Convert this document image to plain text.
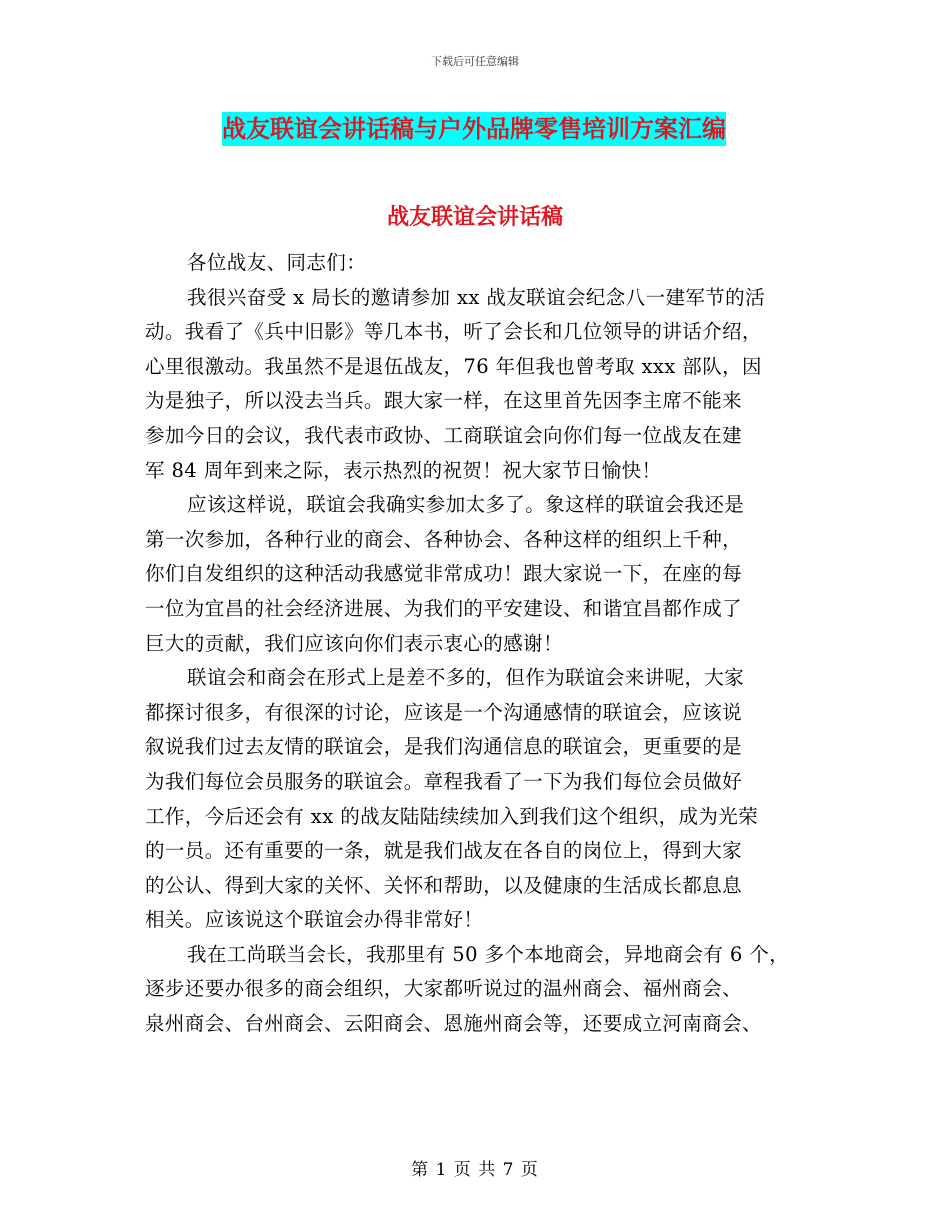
下载后可任意编辑
战友联谊会讲话稿与户外品牌零售培训方案汇编
战友联谊会讲话稿

各位战友、同志们：

我很兴奋受 x 局长的邀请参加 xx 战友联谊会纪念八一建军节的活
动。我看了《兵中旧影》等几本书，听了会长和几位领导的讲话介绍，
心里很激动。我虽然不是退伍战友，76 年但我也曾考取 xxx 部队，因
为是独子，所以没去当兵。跟大家一样，在这里首先因李主席不能来
参加今日的会议，我代表市政协、工商联谊会向你们每一位战友在建
军 84 周年到来之际，表示热烈的祝贺！祝大家节日愉快！

应该这样说，联谊会我确实参加太多了。象这样的联谊会我还是
第一次参加，各种行业的商会、各种协会、各种这样的组织上千种，
你们自发组织的这种活动我感觉非常成功！跟大家说一下，在座的每
一位为宜昌的社会经济进展、为我们的平安建设、和谐宜昌都作成了
巨大的贡献，我们应该向你们表示衷心的感谢！

联谊会和商会在形式上是差不多的，但作为联谊会来讲呢，大家
都探讨很多，有很深的讨论，应该是一个沟通感情的联谊会，应该说
叙说我们过去友情的联谊会，是我们沟通信息的联谊会，更重要的是
为我们每位会员服务的联谊会。章程我看了一下为我们每位会员做好
工作，今后还会有 xx 的战友陆陆续续加入到我们这个组织，成为光荣
的一员。还有重要的一条，就是我们战友在各自的岗位上，得到大家
的公认、得到大家的关怀、关怀和帮助，以及健康的生活成长都息息
相关。应该说这个联谊会办得非常好！

我在工尚联当会长，我那里有 50 多个本地商会，异地商会有 6 个，
逐步还要办很多的商会组织，大家都听说过的温州商会、福州商会、
泉州商会、台州商会、云阳商会、恩施州商会等，还要成立河南商会、

第 1 页 共 7 页
